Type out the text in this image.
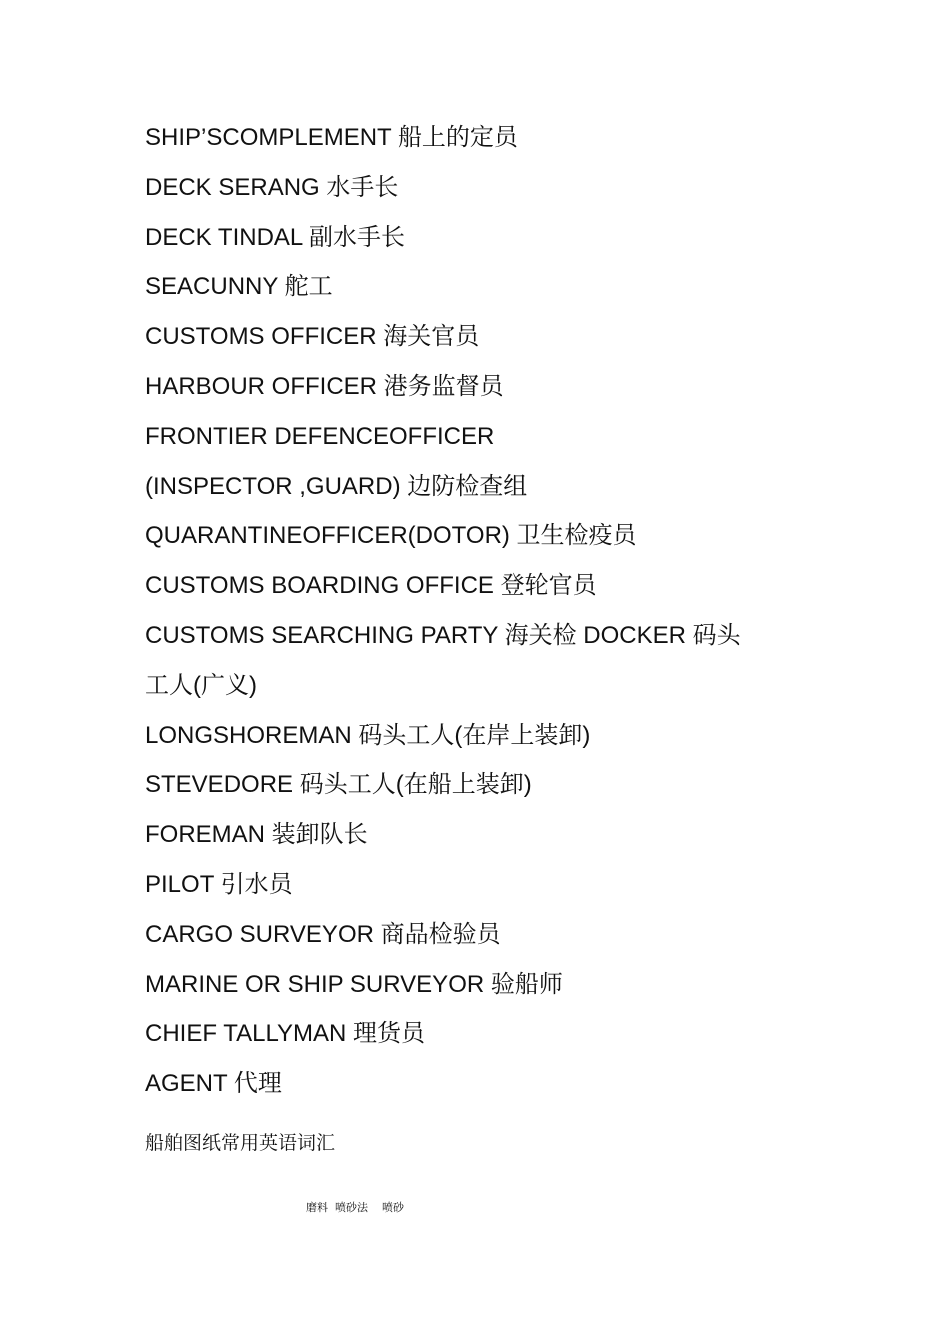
SHIP’SCOMPLEMENT 船上的定员
DECK SERANG 水手长
DECK TINDAL 副水手长
SEACUNNY 舵工
CUSTOMS OFFICER 海关官员
HARBOUR OFFICER 港务监督员
FRONTIER DEFENCEOFFICER
(INSPECTOR ,GUARD) 边防检查组
QUARANTINEOFFICER(DOTOR) 卫生检疫员
CUSTOMS BOARDING OFFICE 登轮官员
CUSTOMS SEARCHING PARTY 海关检 DOCKER 码头
工人(广义)
LONGSHOREMAN 码头工人(在岸上装卸)
STEVEDORE 码头工人(在船上装卸)
FOREMAN 装卸队长
PILOT 引水员
CARGO SURVEYOR 商品检验员
MARINE OR SHIP SURVEYOR 验船师
CHIEF TALLYMAN 理货员
AGENT 代理

船舶图纸常用英语词汇

磨料  喷砂法    喷砂
